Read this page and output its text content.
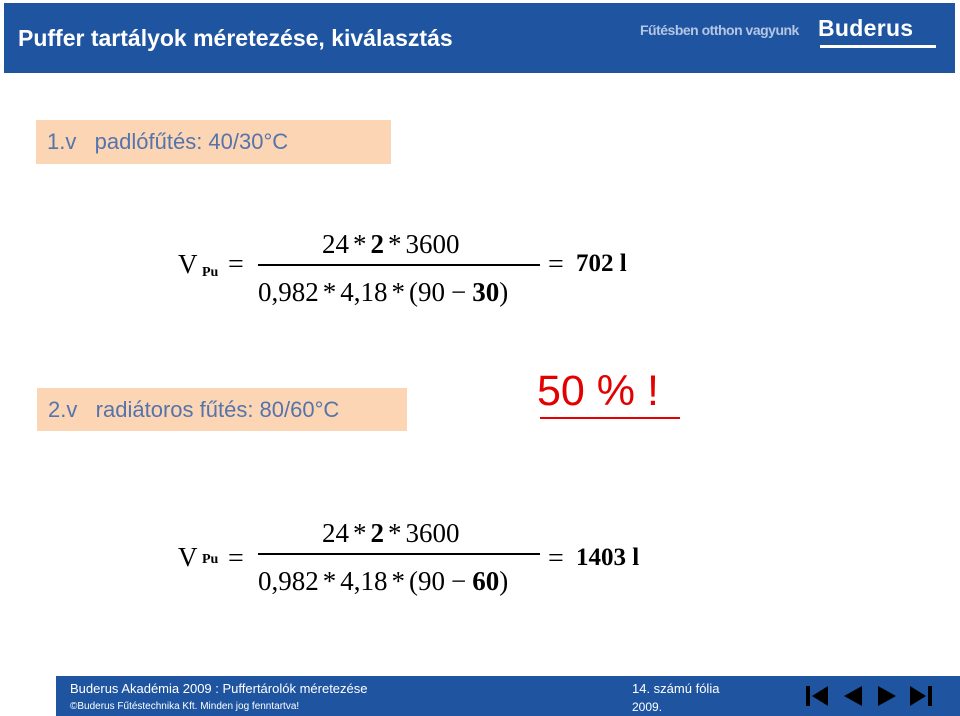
Puffer tartályok méretezése, kiválasztás	Fűtésben otthon vagyunk Buderus
1.v   padlófűtés: 40/30°C
V Pu =
24 * 2 * 3600
0,982 * 4,18 * (90 − 30)
= 702 l
2.v   radiátoros fűtés: 80/60°C	50 % !
V Pu =
24 * 2 * 3600
0,982 * 4,18 * (90 − 60)
= 1403 l
Buderus Akadémia 2009 : Puffertárolók méretezése
©Buderus Fűtéstechnika Kft. Minden jog fenntartva!
14. számú fólia
2009.
